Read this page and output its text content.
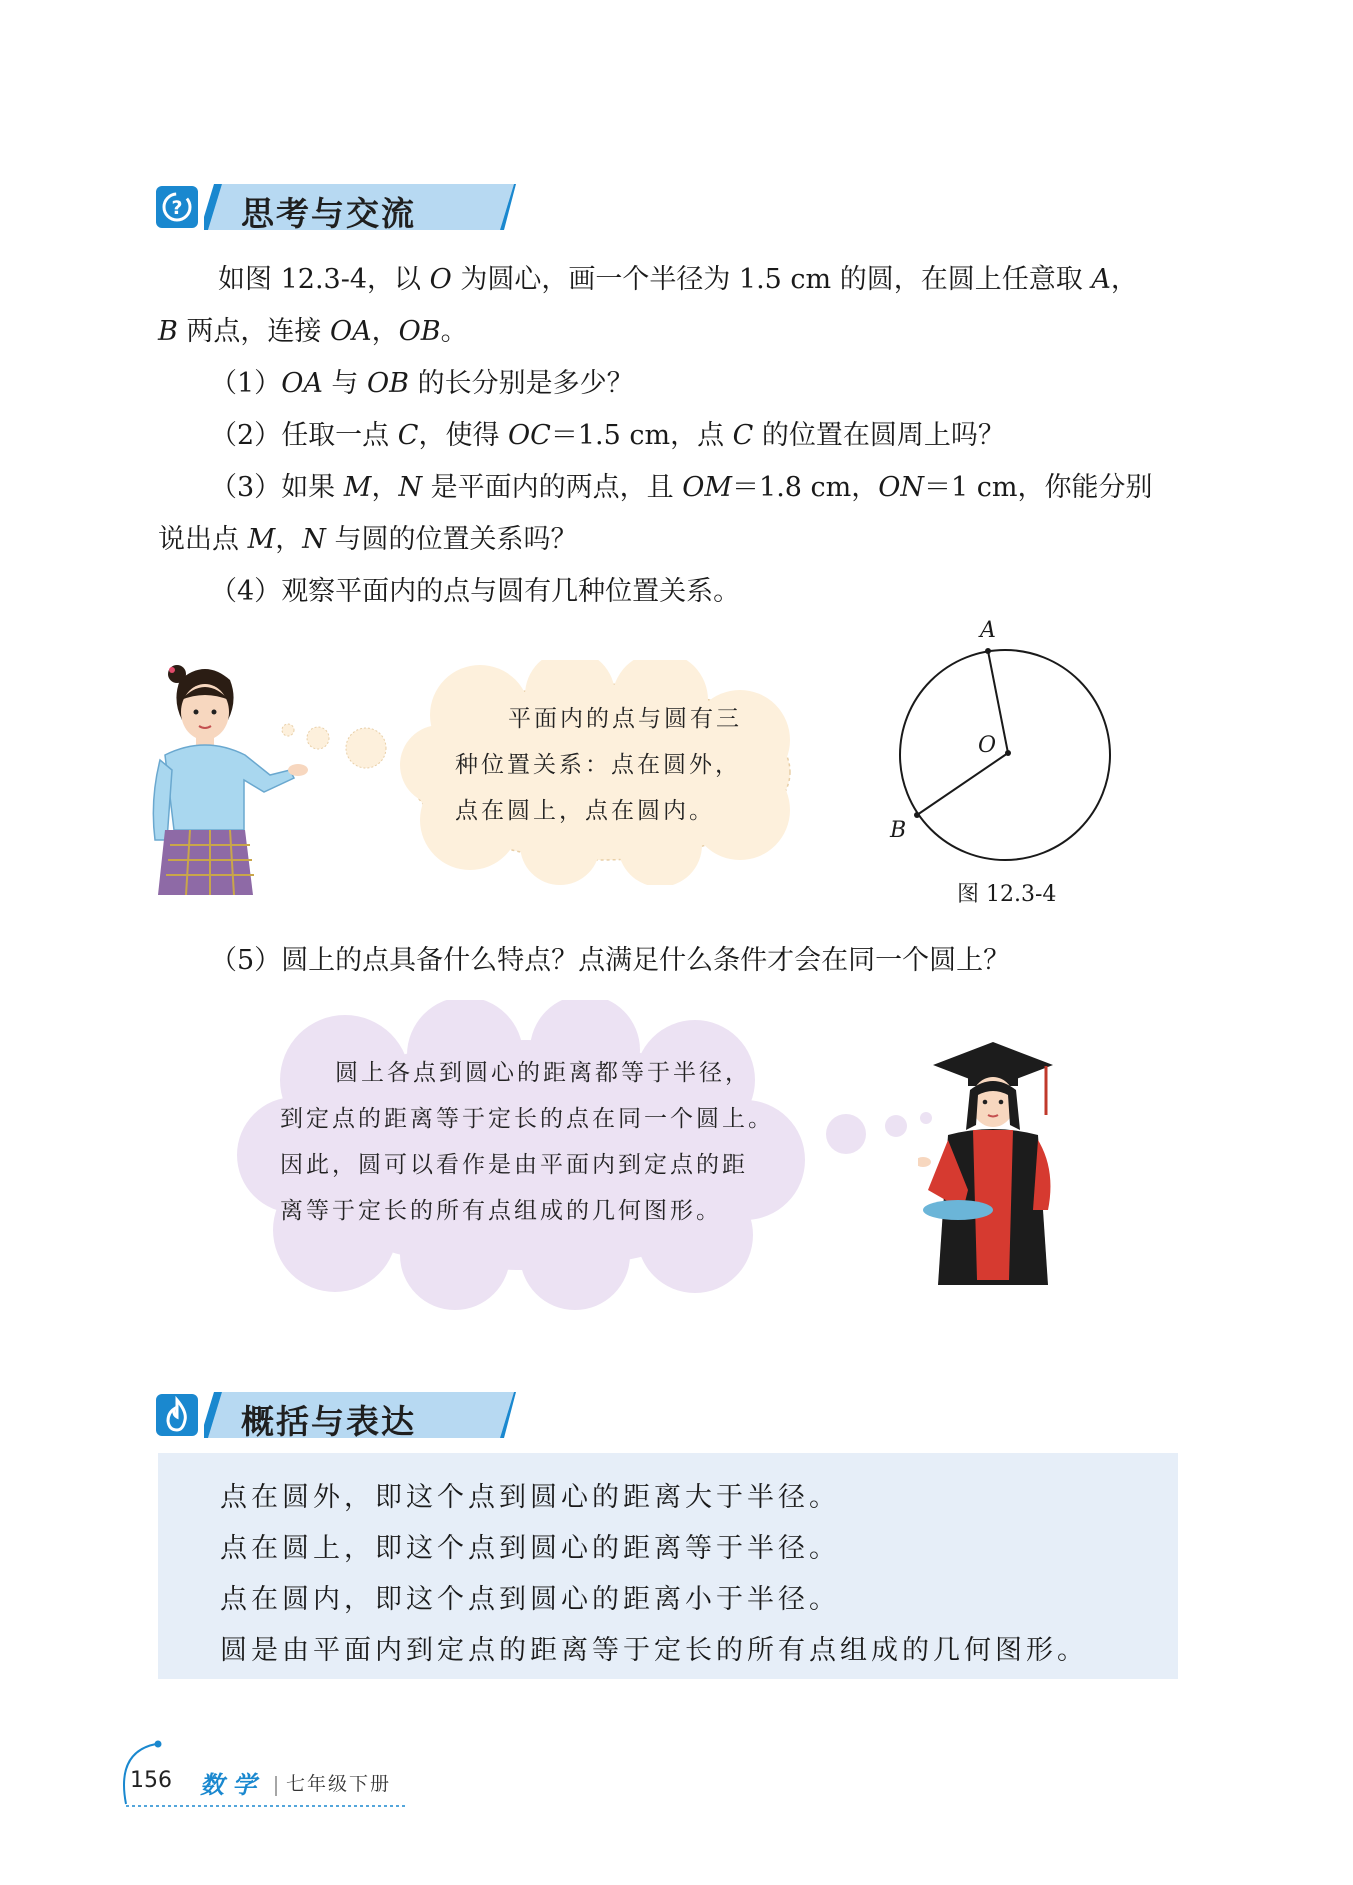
? 思考与交流
如图 12.3-4，以 O 为圆心，画一个半径为 1.5 cm 的圆，在圆上任意取 A，
B 两点，连接 OA，OB。
（1）OA 与 OB 的长分别是多少？
（2）任取一点 C，使得 OC＝1.5 cm，点 C 的位置在圆周上吗？
（3）如果 M，N 是平面内的两点，且 OM＝1.8 cm，ON＝1 cm，你能分别
说出点 M，N 与圆的位置关系吗？
（4）观察平面内的点与圆有几种位置关系。
平面内的点与圆有三
种位置关系：点在圆外，
点在圆上，点在圆内。
A
O
B
图 12.3-4
（5）圆上的点具备什么特点？点满足什么条件才会在同一个圆上？
圆上各点到圆心的距离都等于半径，
到定点的距离等于定长的点在同一个圆上。
因此，圆可以看作是由平面内到定点的距
离等于定长的所有点组成的几何图形。
概括与表达
点在圆外，即这个点到圆心的距离大于半径。
点在圆上，即这个点到圆心的距离等于半径。
点在圆内，即这个点到圆心的距离小于半径。
圆是由平面内到定点的距离等于定长的所有点组成的几何图形。
156 数 学 七年级下册
